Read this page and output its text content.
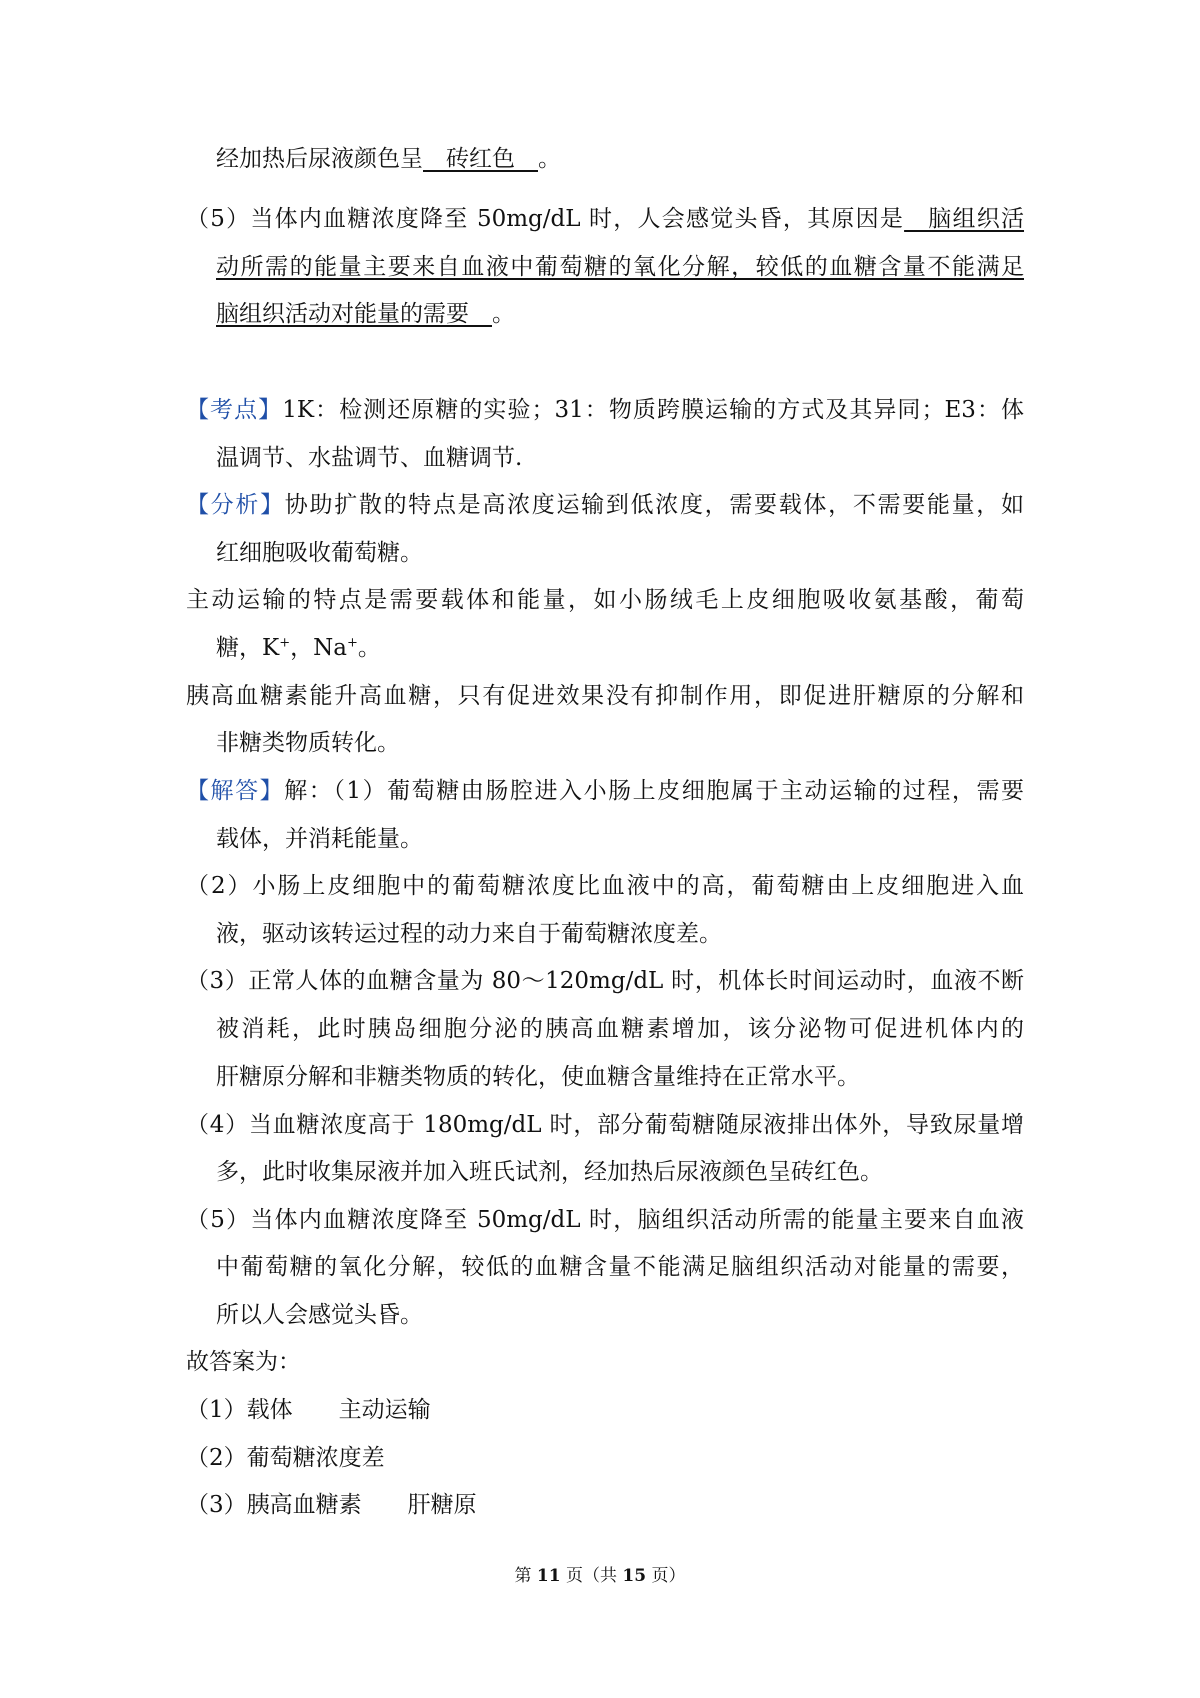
经加热后尿液颜色呈　砖红色　。
（5）当体内血糖浓度降至 50mg/dL 时，人会感觉头昏，其原因是　脑组织活
动所需的能量主要来自血液中葡萄糖的氧化分解，较低的血糖含量不能满足
脑组织活动对能量的需要　。
【考点】1K：检测还原糖的实验；31：物质跨膜运输的方式及其异同；E3：体
温调节、水盐调节、血糖调节.
【分析】协助扩散的特点是高浓度运输到低浓度，需要载体，不需要能量，如
红细胞吸收葡萄糖。
主动运输的特点是需要载体和能量，如小肠绒毛上皮细胞吸收氨基酸，葡萄
糖，K+，Na+。
胰高血糖素能升高血糖，只有促进效果没有抑制作用，即促进肝糖原的分解和
非糖类物质转化。
【解答】解：（1）葡萄糖由肠腔进入小肠上皮细胞属于主动运输的过程，需要
载体，并消耗能量。
（2）小肠上皮细胞中的葡萄糖浓度比血液中的高，葡萄糖由上皮细胞进入血
液，驱动该转运过程的动力来自于葡萄糖浓度差。
（3）正常人体的血糖含量为 80～120mg/dL 时，机体长时间运动时，血液不断
被消耗，此时胰岛细胞分泌的胰高血糖素增加，该分泌物可促进机体内的
肝糖原分解和非糖类物质的转化，使血糖含量维持在正常水平。
（4）当血糖浓度高于 180mg/dL 时，部分葡萄糖随尿液排出体外，导致尿量增
多，此时收集尿液并加入班氏试剂，经加热后尿液颜色呈砖红色。
（5）当体内血糖浓度降至 50mg/dL 时，脑组织活动所需的能量主要来自血液
中葡萄糖的氧化分解，较低的血糖含量不能满足脑组织活动对能量的需要，
所以人会感觉头昏。
故答案为：
（1）载体　　主动运输
（2）葡萄糖浓度差
（3）胰高血糖素　　肝糖原
第 11 页（共 15 页）
